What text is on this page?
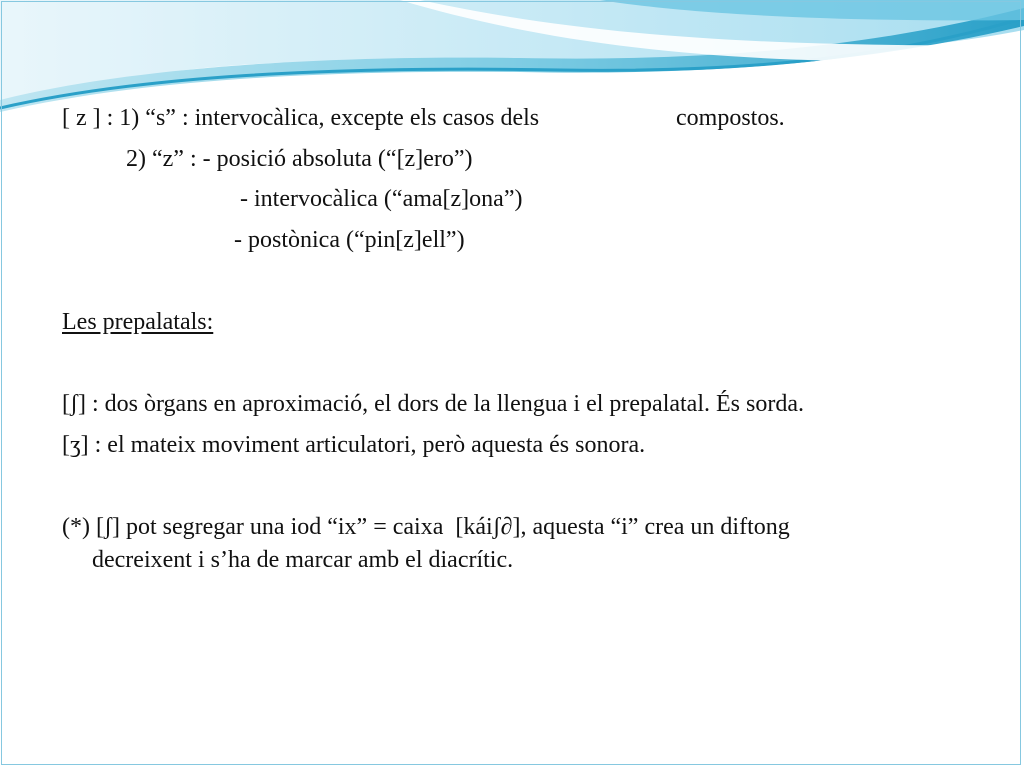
[ z ] : 1) “s” : intervocàlica, excepte els casos dels	compostos.
2) “z” : - posició absoluta (“[z]ero”)
- intervocàlica (“ama[z]ona”)
- postònica (“pin[z]ell”)
Les prepalatals:
[ʃ] : dos òrgans en aproximació, el dors de la llengua i el prepalatal. És sorda.
[ʒ] : el mateix moviment articulatori, però aquesta és sonora.
(*) [ʃ] pot segregar una iod “ix” = caixa  [káiʃ∂], aquesta “i” crea un diftong
decreixent i s’ha de marcar amb el diacrític.
